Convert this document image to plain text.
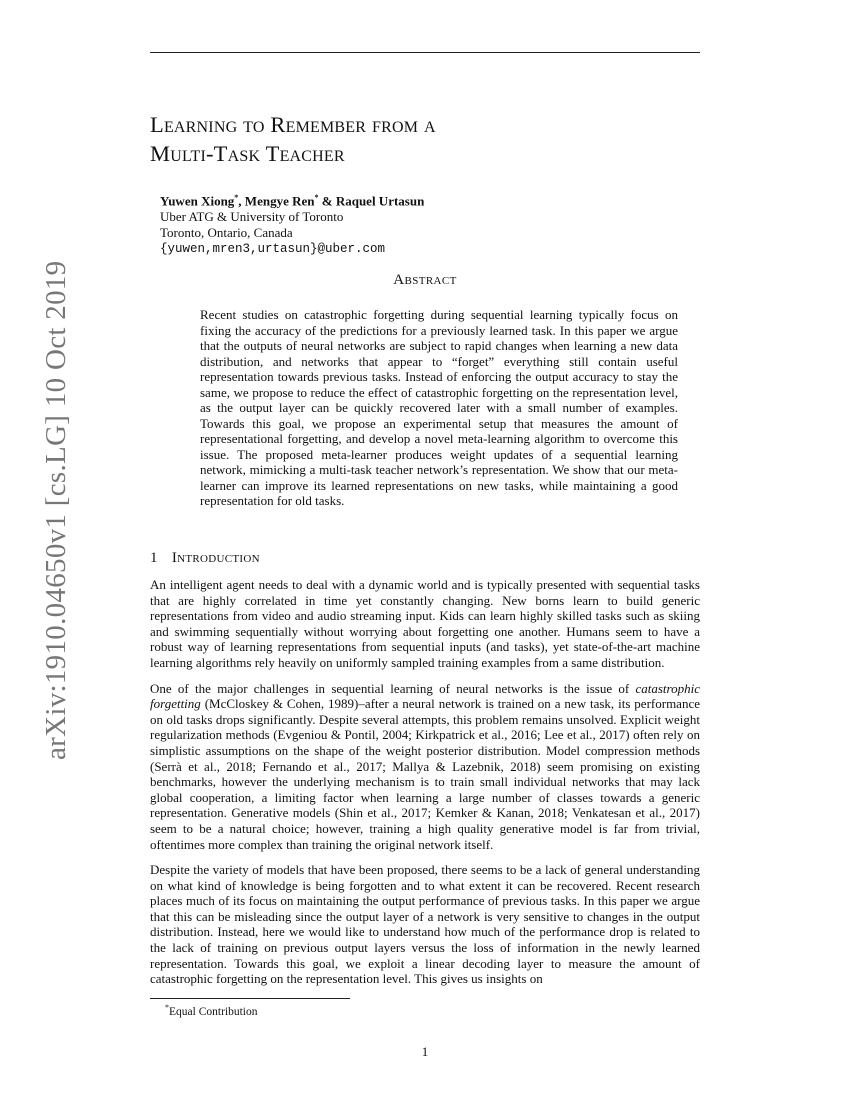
arXiv:1910.04650v1 [cs.LG] 10 Oct 2019
Learning to Remember from a
Multi-Task Teacher
Yuwen Xiong*, Mengye Ren* & Raquel Urtasun
Uber ATG & University of Toronto
Toronto, Ontario, Canada
{yuwen,mren3,urtasun}@uber.com
Abstract
Recent studies on catastrophic forgetting during sequential learning typically focus on fixing the accuracy of the predictions for a previously learned task. In this paper we argue that the outputs of neural networks are subject to rapid changes when learning a new data distribution, and networks that appear to “forget” everything still contain useful representation towards previous tasks. Instead of enforcing the output accuracy to stay the same, we propose to reduce the effect of catastrophic forgetting on the representation level, as the output layer can be quickly recovered later with a small number of examples. Towards this goal, we propose an experimental setup that measures the amount of representational forgetting, and develop a novel meta-learning algorithm to overcome this issue. The proposed meta-learner produces weight updates of a sequential learning network, mimicking a multi-task teacher network’s representation. We show that our meta-learner can improve its learned representations on new tasks, while maintaining a good representation for old tasks.
1 Introduction

An intelligent agent needs to deal with a dynamic world and is typically presented with sequential tasks that are highly correlated in time yet constantly changing. New borns learn to build generic representations from video and audio streaming input. Kids can learn highly skilled tasks such as skiing and swimming sequentially without worrying about forgetting one another. Humans seem to have a robust way of learning representations from sequential inputs (and tasks), yet state-of-the-art machine learning algorithms rely heavily on uniformly sampled training examples from a same distribution.

One of the major challenges in sequential learning of neural networks is the issue of catastrophic forgetting (McCloskey & Cohen, 1989)–after a neural network is trained on a new task, its performance on old tasks drops significantly. Despite several attempts, this problem remains unsolved. Explicit weight regularization methods (Evgeniou & Pontil, 2004; Kirkpatrick et al., 2016; Lee et al., 2017) often rely on simplistic assumptions on the shape of the weight posterior distribution. Model compression methods (Serrà et al., 2018; Fernando et al., 2017; Mallya & Lazebnik, 2018) seem promising on existing benchmarks, however the underlying mechanism is to train small individual networks that may lack global cooperation, a limiting factor when learning a large number of classes towards a generic representation. Generative models (Shin et al., 2017; Kemker & Kanan, 2018; Venkatesan et al., 2017) seem to be a natural choice; however, training a high quality generative model is far from trivial, oftentimes more complex than training the original network itself.

Despite the variety of models that have been proposed, there seems to be a lack of general understanding on what kind of knowledge is being forgotten and to what extent it can be recovered. Recent research places much of its focus on maintaining the output performance of previous tasks. In this paper we argue that this can be misleading since the output layer of a network is very sensitive to changes in the output distribution. Instead, here we would like to understand how much of the performance drop is related to the lack of training on previous output layers versus the loss of information in the newly learned representation. Towards this goal, we exploit a linear decoding layer to measure the amount of catastrophic forgetting on the representation level. This gives us insights on

*Equal Contribution
1
